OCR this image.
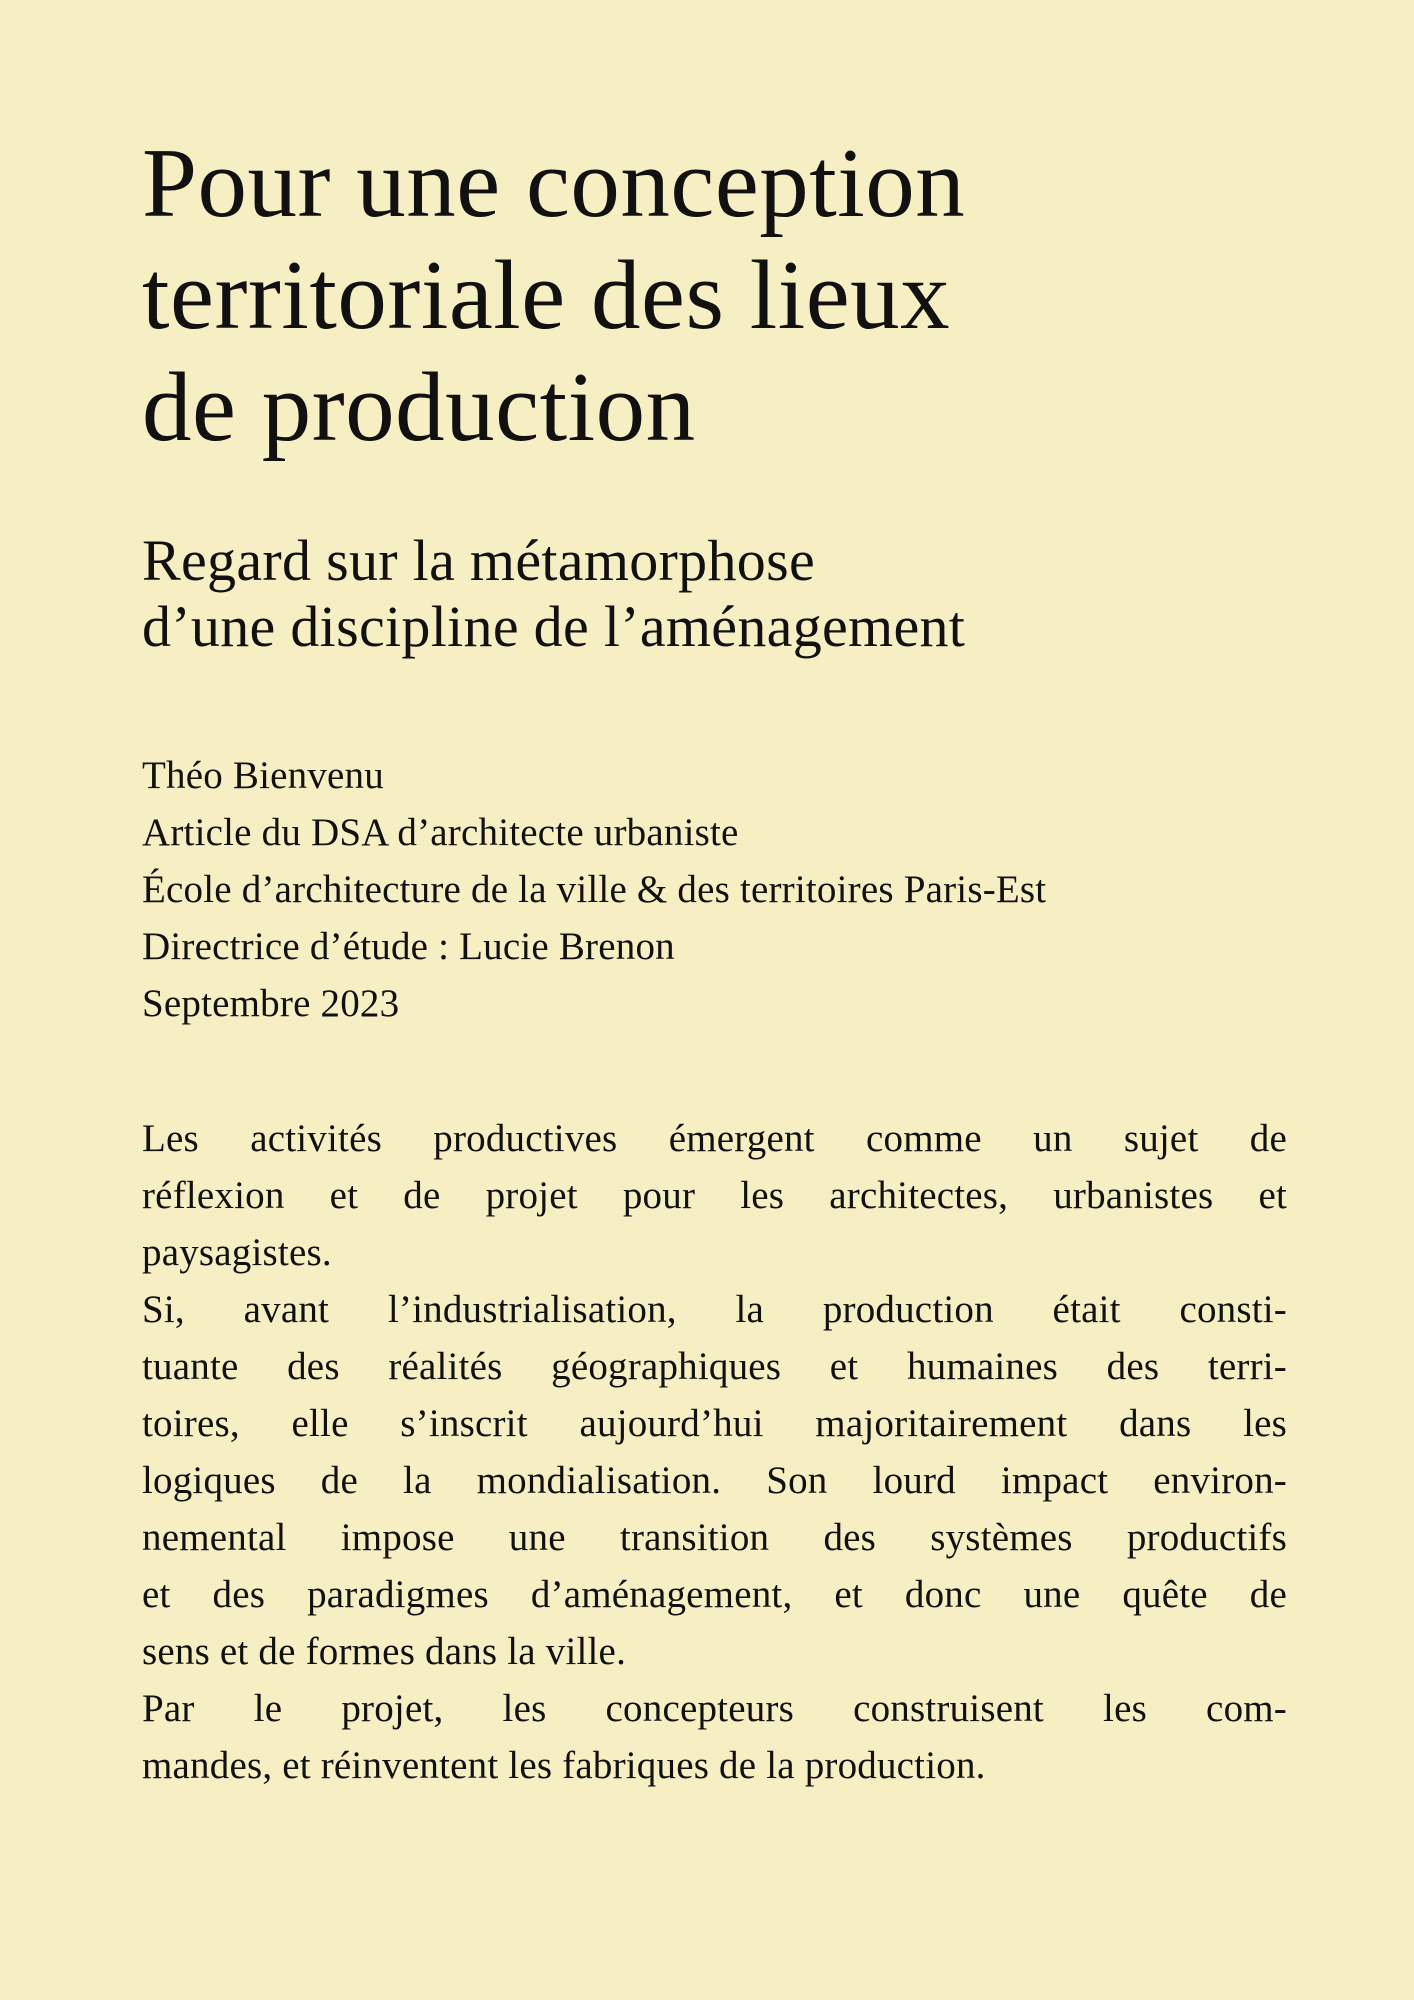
Pour une conception
territoriale des lieux
de production
Regard sur la métamorphose
d’une discipline de l’aménagement
Théo Bienvenu
Article du DSA d’architecte urbaniste
École d’architecture de la ville & des territoires Paris-Est
Directrice d’étude : Lucie Brenon
Septembre 2023
Les activités productives émergent comme un sujet de
réflexion et de projet pour les architectes, urbanistes et
paysagistes.
Si, avant l’industrialisation, la production était consti-
tuante des réalités géographiques et humaines des terri-
toires, elle s’inscrit aujourd’hui majoritairement dans les
logiques de la mondialisation. Son lourd impact environ-
nemental impose une transition des systèmes productifs
et des paradigmes d’aménagement, et donc une quête de
sens et de formes dans la ville.
Par le projet, les concepteurs construisent les com-
mandes, et réinventent les fabriques de la production.
